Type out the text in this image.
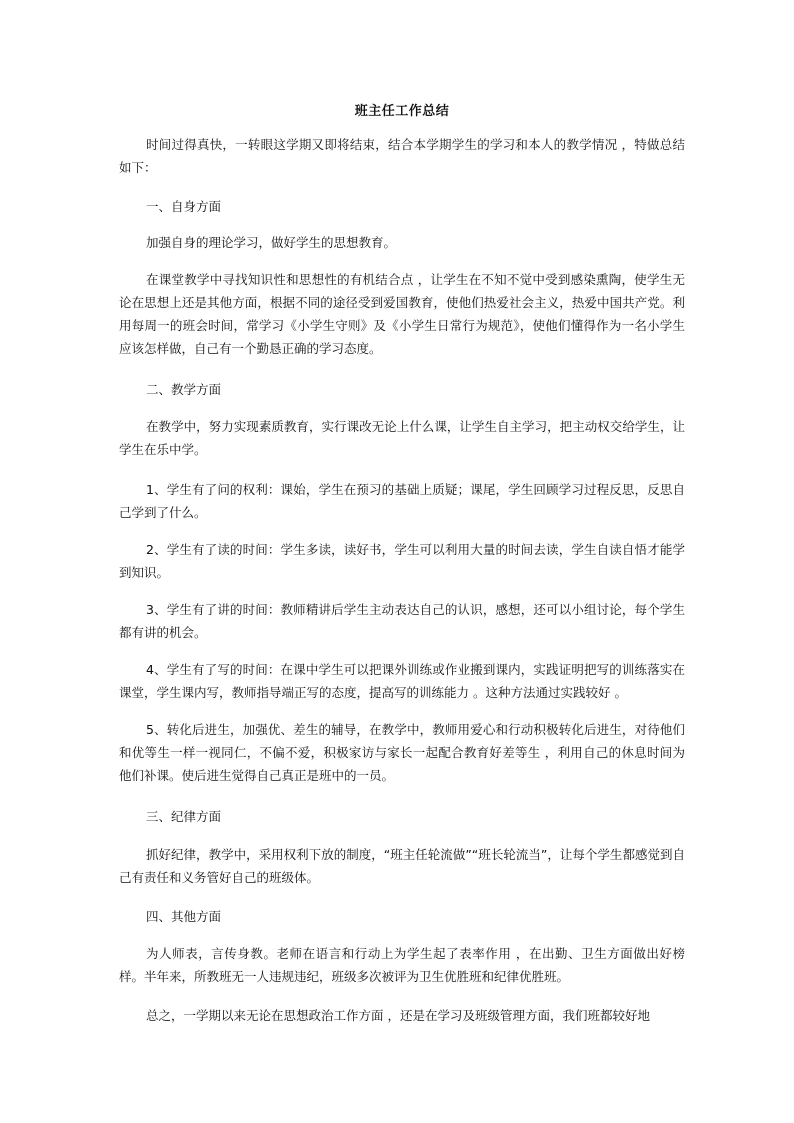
班主任工作总结

时间过得真快，一转眼这学期又即将结束，结合本学期学生的学习和本人的教学情况 ，特做总结如下：

一、自身方面

加强自身的理论学习，做好学生的思想教育。

在课堂教学中寻找知识性和思想性的有机结合点 ，让学生在不知不觉中受到感染熏陶，使学生无论在思想上还是其他方面，根据不同的途径受到爱国教育，使他们热爱社会主义，热爱中国共产党。利用每周一的班会时间，常学习《小学生守则》及《小学生日常行为规范》，使他们懂得作为一名小学生应该怎样做，自己有一个勤恳正确的学习态度。

二、教学方面

在教学中，努力实现素质教育，实行课改无论上什么课，让学生自主学习，把主动权交给学生，让学生在乐中学。

1、学生有了问的权利：课始，学生在预习的基础上质疑；课尾，学生回顾学习过程反思，反思自己学到了什么。

2、学生有了读的时间：学生多读，读好书，学生可以利用大量的时间去读，学生自读自悟才能学到知识。

3、学生有了讲的时间：教师精讲后学生主动表达自己的认识，感想，还可以小组讨论，每个学生都有讲的机会。

4、学生有了写的时间：在课中学生可以把课外训练或作业搬到课内，实践证明把写的训练落实在课堂，学生课内写，教师指导端正写的态度，提高写的训练能力 。这种方法通过实践较好 。

5、转化后进生，加强优、差生的辅导，在教学中，教师用爱心和行动积极转化后进生，对待他们和优等生一样一视同仁，不偏不爱，积极家访与家长一起配合教育好差等生 ，利用自己的休息时间为他们补课。使后进生觉得自己真正是班中的一员。

三、纪律方面

抓好纪律，教学中，采用权利下放的制度，“班主任轮流做”“班长轮流当”，让每个学生都感觉到自己有责任和义务管好自己的班级体。

四、其他方面

为人师表，言传身教。老师在语言和行动上为学生起了表率作用 ，在出勤、卫生方面做出好榜样。半年来，所教班无一人违规违纪，班级多次被评为卫生优胜班和纪律优胜班。

总之，一学期以来无论在思想政治工作方面 ，还是在学习及班级管理方面，我们班都较好地
